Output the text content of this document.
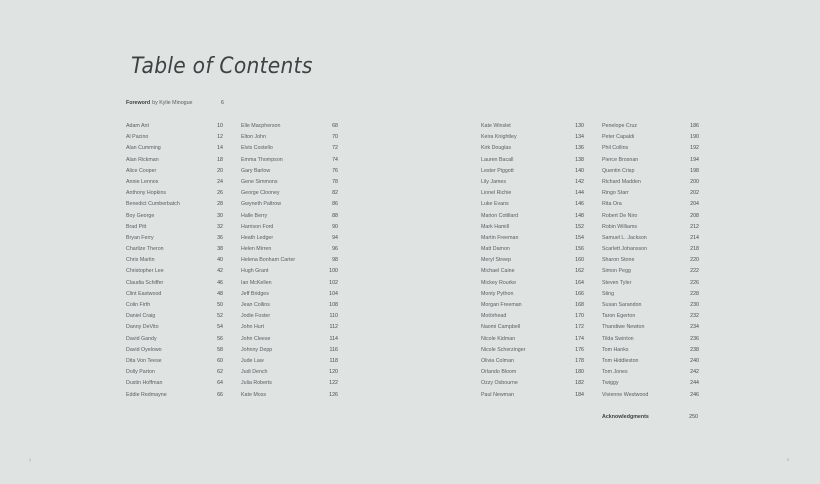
Table of Contents
Foreword by Kylie Minogue	6
Adam Ant	10
Al Pacino	12
Alan Cumming	14
Alan Rickman	18
Alice Cooper	20
Annie Lennox	24
Anthony Hopkins	26
Benedict Cumberbatch	28
Boy George	30
Brad Pitt	32
Bryan Ferry	36
Charlize Theron	38
Chris Martin	40
Christopher Lee	42
Claudia Schiffer	46
Clint Eastwood	48
Colin Firth	50
Daniel Craig	52
Danny DeVito	54
David Gandy	56
David Oyelowo	58
Dita Von Teese	60
Dolly Parton	62
Dustin Hoffman	64
Eddie Redmayne	66
Elle Macpherson	68
Elton John	70
Elvis Costello	72
Emma Thompson	74
Gary Barlow	76
Gene Simmons	78
George Clooney	82
Gwyneth Paltrow	86
Halle Berry	88
Harrison Ford	90
Heath Ledger	94
Helen Mirren	96
Helena Bonham Carter	98
Hugh Grant	100
Ian McKellen	102
Jeff Bridges	104
Jean Collins	108
Jodie Foster	110
John Hurt	112
John Cleese	114
Johnny Depp	116
Jude Law	118
Judi Dench	120
Julia Roberts	122
Kate Moss	126
Kate Winslet	130
Keira Knightley	134
Kirk Douglas	136
Lauren Bacall	138
Lester Piggott	140
Lily James	142
Lionel Richie	144
Luke Evans	146
Marion Cotillard	148
Mark Hamill	152
Martin Freeman	154
Matt Damon	156
Meryl Streep	160
Michael Caine	162
Mickey Rourke	164
Monty Python	166
Morgan Freeman	168
Motörhead	170
Naomi Campbell	172
Nicole Kidman	174
Nicole Scherzinger	176
Olivia Colman	178
Orlando Bloom	180
Ozzy Osbourne	182
Paul Newman	184
Penelope Cruz	186
Peter Capaldi	190
Phil Collins	192
Pierce Brosnan	194
Quentin Crisp	198
Richard Madden	200
Ringo Starr	202
Rita Ora	204
Robert De Niro	208
Robin Williams	212
Samuel L. Jackson	214
Scarlett Johansson	218
Sharon Stone	220
Simon Pegg	222
Steven Tyler	226
Sting	228
Susan Sarandon	230
Taron Egerton	232
Thandiwe Newton	234
Tilda Swinton	236
Tom Hanks	238
Tom Hiddleston	240
Tom Jones	242
Twiggy	244
Vivienne Westwood	246
Acknowledgments	250
4	5
